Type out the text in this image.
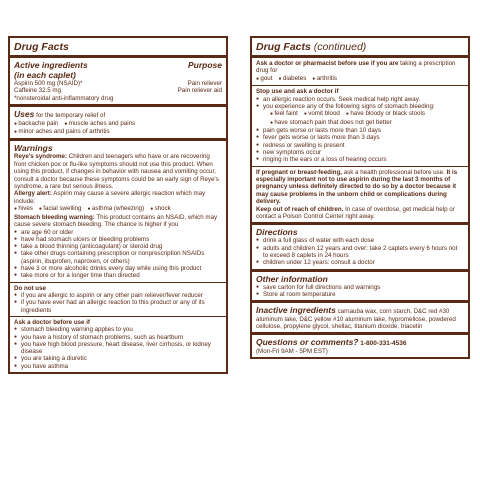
Drug Facts
Active ingredients
(in each caplet)
Purpose
Aspirin 500 mg (NSAID)*	Pain reliever
Caffeine 32.5 mg	Pain reliever aid
*nonsteroidal anti-inflammatory drug
Uses for the temporary relief of
● backache pain ● muscle aches and pains
● minor aches and pains of arthritis
Warnings
Reye's syndrome: Children and teenagers who have or are recovering from chicken pox or flu-like symptoms should not use this product. When using this product, if changes in behavior with nausea and vomiting occur, consult a doctor because these symptoms could be an early sign of Reye's syndrome, a rare but serious illness.
Allergy alert: Aspirin may cause a severe allergic reaction which may include:
● hives ● facial swelling ● asthma (wheezing) ● shock
Stomach bleeding warning: This product contains an NSAID, which may cause severe stomach bleeding. The chance is higher if you
● are age 60 or older
● have had stomach ulcers or bleeding problems
● take a blood thinning (anticoagulant) or steroid drug
● take other drugs containing prescription or nonprescription NSAIDs (aspirin, ibuprofen, naproxen, or others)
● have 3 or more alcoholic drinks every day while using this product
● take more or for a longer time than directed
Do not use
● if you are allergic to aspirin or any other pain reliever/fever reducer
● if you have ever had an allergic reaction to this product or any of its ingredients
Ask a doctor before use if
● stomach bleeding warning applies to you
● you have a history of stomach problems, such as heartburn
● you have high blood pressure, heart disease, liver cirrhosis, or kidney disease
● you are taking a diuretic
● you have asthma
Drug Facts (continued)
Ask a doctor or pharmacist before use if you are taking a prescription drug for
● gout ● diabetes ● arthritis
Stop use and ask a doctor if
● an allergic reaction occurs. Seek medical help right away.
● you experience any of the following signs of stomach bleeding:
● feel faint ● vomit blood ● have bloody or black stools
● have stomach pain that does not get better
● pain gets worse or lasts more than 10 days
● fever gets worse or lasts more than 3 days
● redness or swelling is present
● new symptoms occur
● ringing in the ears or a loss of hearing occurs
If pregnant or breast-feeding, ask a health professional before use. It is especially important not to use aspirin during the last 3 months of pregnancy unless definitely directed to do so by a doctor because it may cause problems in the unborn child or complications during delivery.
Keep out of reach of children. In case of overdose, get medical help or contact a Poison Control Center right away.
Directions
● drink a full glass of water with each dose
● adults and children 12 years and over: take 2 caplets every 6 hours not to exceed 8 caplets in 24 hours
● children under 12 years: consult a doctor
Other information
● save carton for full directions and warnings
● Store at room temperature
Inactive ingredients carnauba wax, corn starch, D&C red #30 aluminum lake, D&C yellow #10 aluminum lake, hypromellose, powdered cellulose, propylene glycol, shellac, titanium dioxide, triacetin
Questions or comments? 1-800-331-4536
(Mon-Fri 9AM - 5PM EST)
